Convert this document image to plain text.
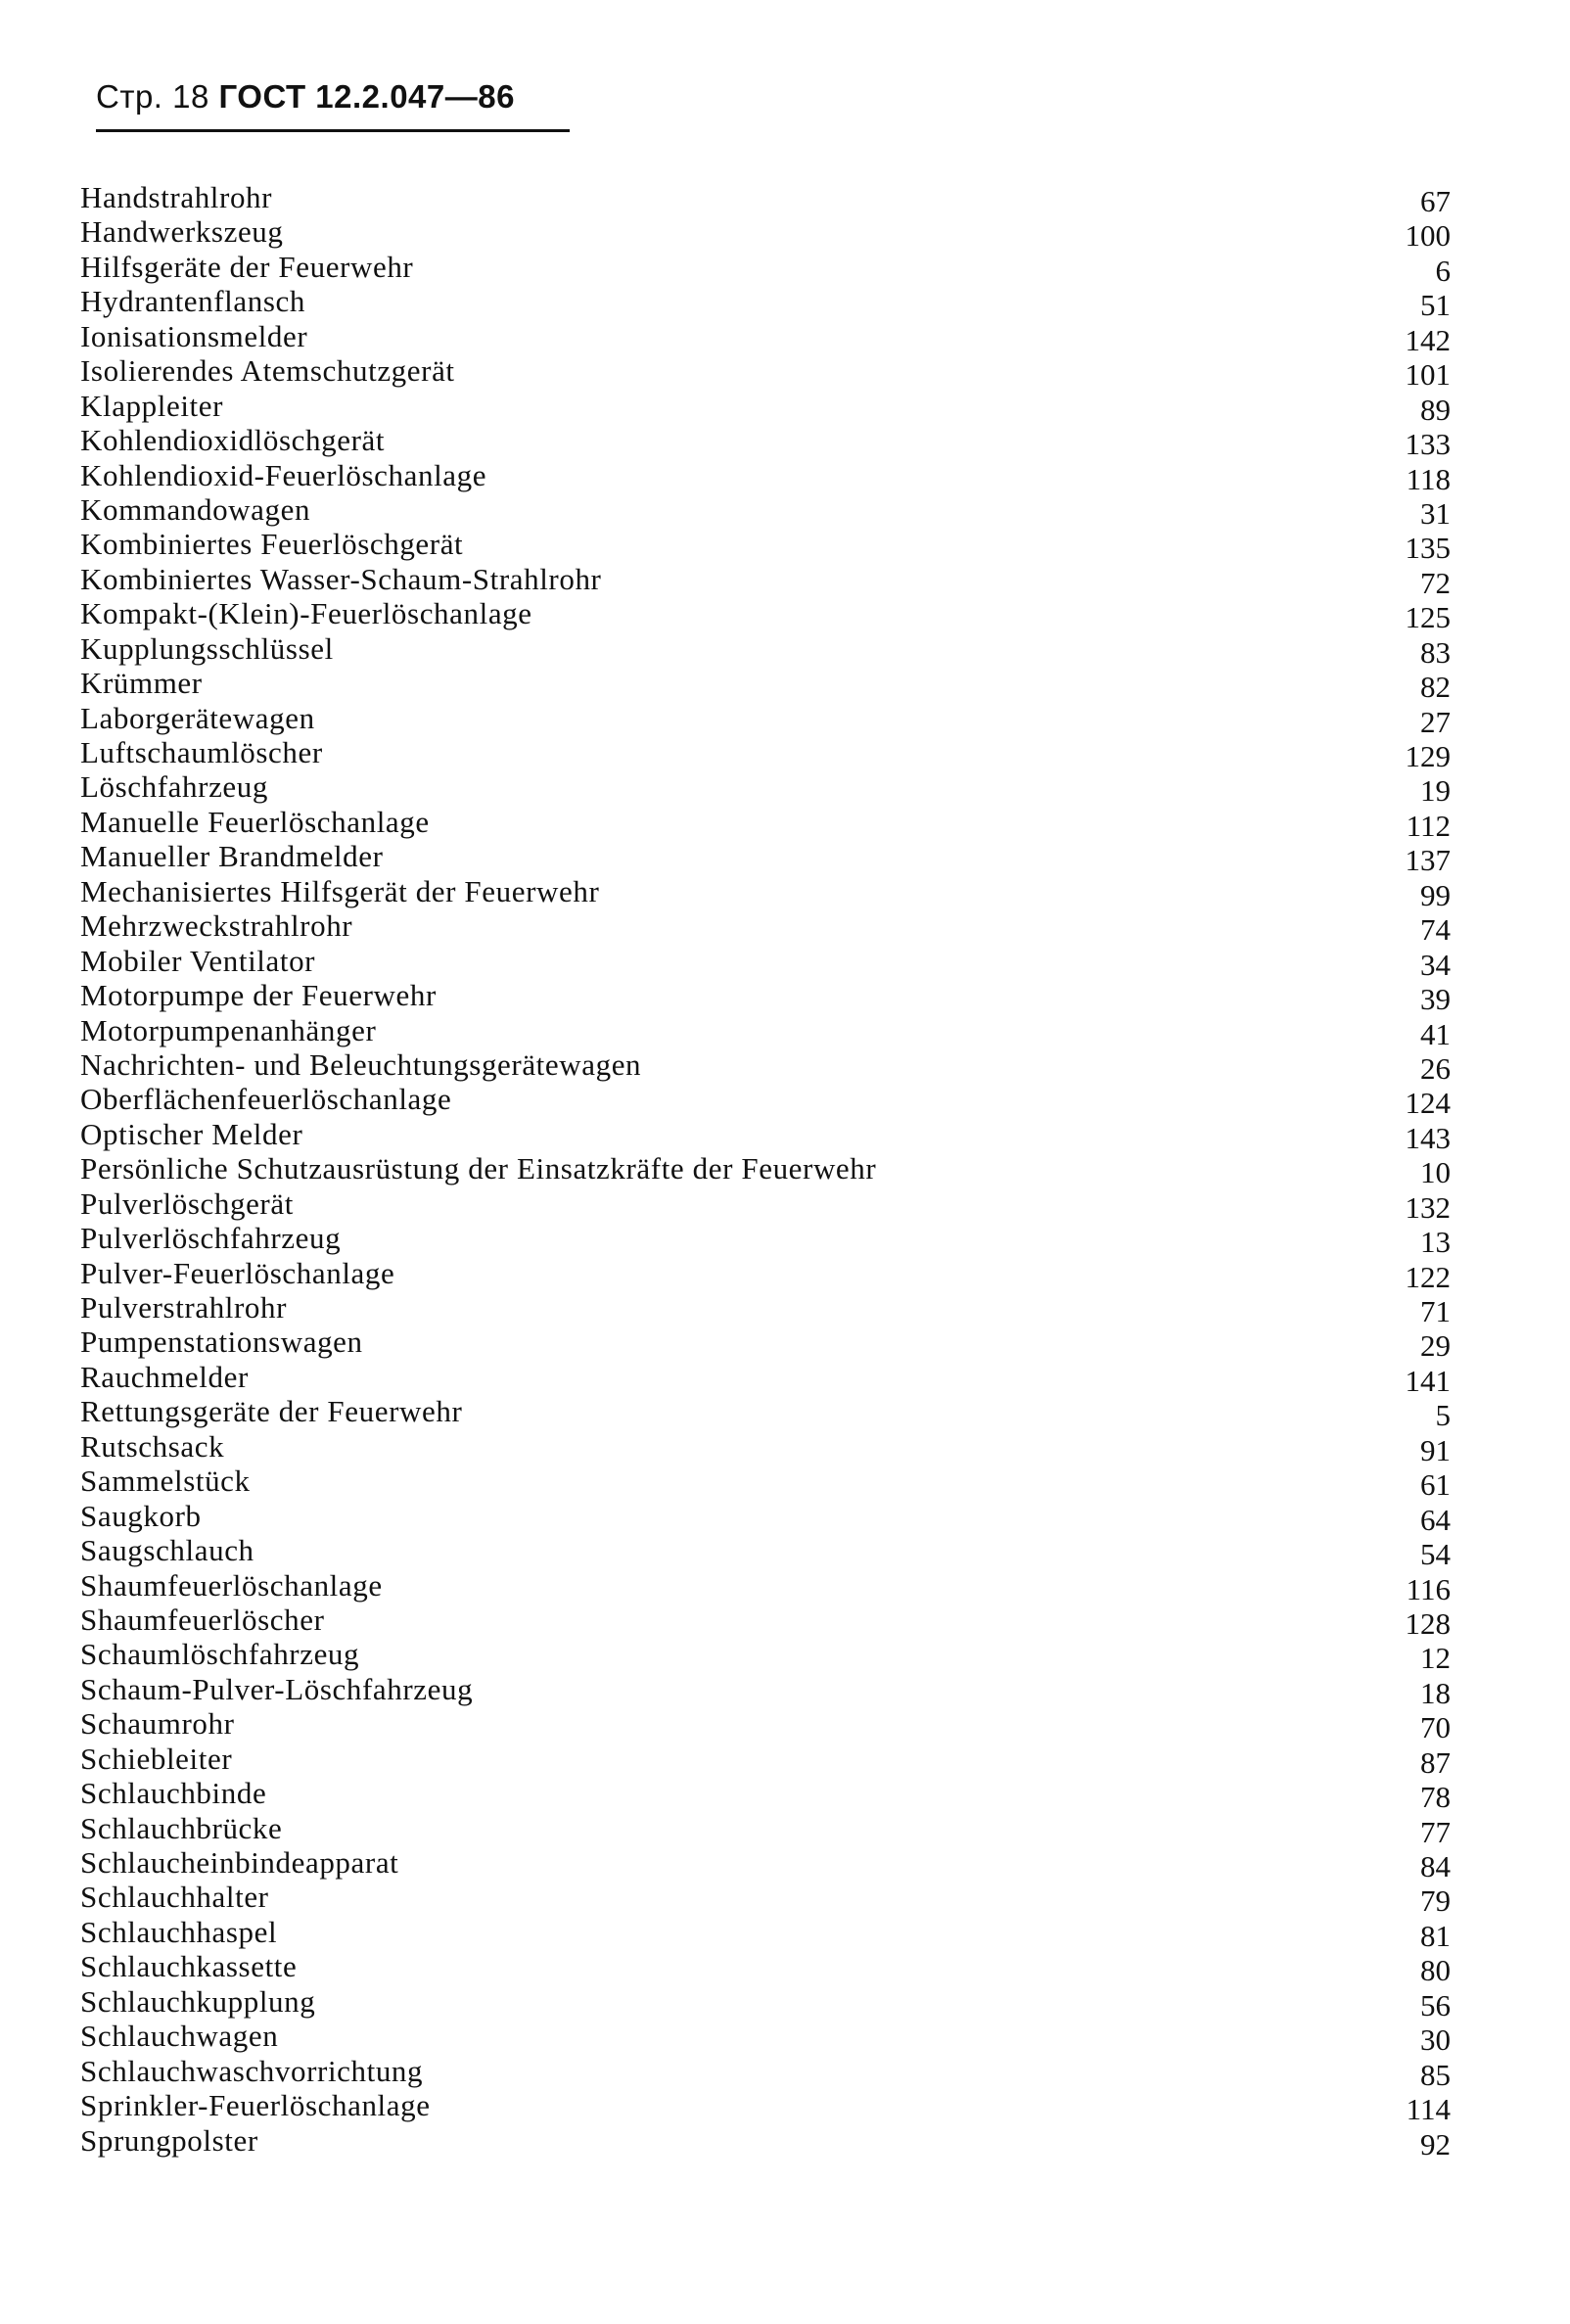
Стр. 18 ГОСТ 12.2.047—86
Handstrahlrohr	67
Handwerkszeug	100
Hilfsgeräte der Feuerwehr	6
Hydrantenflansch	51
Ionisationsmelder	142
Isolierendes Atemschutzgerät	101
Klappleiter	89
Kohlendioxidlöschgerät	133
Kohlendioxid-Feuerlöschanlage	118
Kommandowagen	31
Kombiniertes Feuerlöschgerät	135
Kombiniertes Wasser-Schaum-Strahlrohr	72
Kompakt-(Klein)-Feuerlöschanlage	125
Kupplungsschlüssel	83
Krümmer	82
Laborgerätewagen	27
Luftschaumlöscher	129
Löschfahrzeug	19
Manuelle Feuerlöschanlage	112
Manueller Brandmelder	137
Mechanisiertes Hilfsgerät der Feuerwehr	99
Mehrzweckstrahlrohr	74
Mobiler Ventilator	34
Motorpumpe der Feuerwehr	39
Motorpumpenanhänger	41
Nachrichten- und Beleuchtungsgerätewagen	26
Oberflächenfeuerlöschanlage	124
Optischer Melder	143
Persönliche Schutzausrüstung der Einsatzkräfte der Feuerwehr	10
Pulverlöschgerät	132
Pulverlöschfahrzeug	13
Pulver-Feuerlöschanlage	122
Pulverstrahlrohr	71
Pumpenstationswagen	29
Rauchmelder	141
Rettungsgeräte der Feuerwehr	5
Rutschsack	91
Sammelstück	61
Saugkorb	64
Saugschlauch	54
Shaumfeuerlöschanlage	116
Shaumfeuerlöscher	128
Schaumlöschfahrzeug	12
Schaum-Pulver-Löschfahrzeug	18
Schaumrohr	70
Schiebleiter	87
Schlauchbinde	78
Schlauchbrücke	77
Schlaucheinbindeapparat	84
Schlauchhalter	79
Schlauchhaspel	81
Schlauchkassette	80
Schlauchkupplung	56
Schlauchwagen	30
Schlauchwaschvorrichtung	85
Sprinkler-Feuerlöschanlage	114
Sprungpolster	92
